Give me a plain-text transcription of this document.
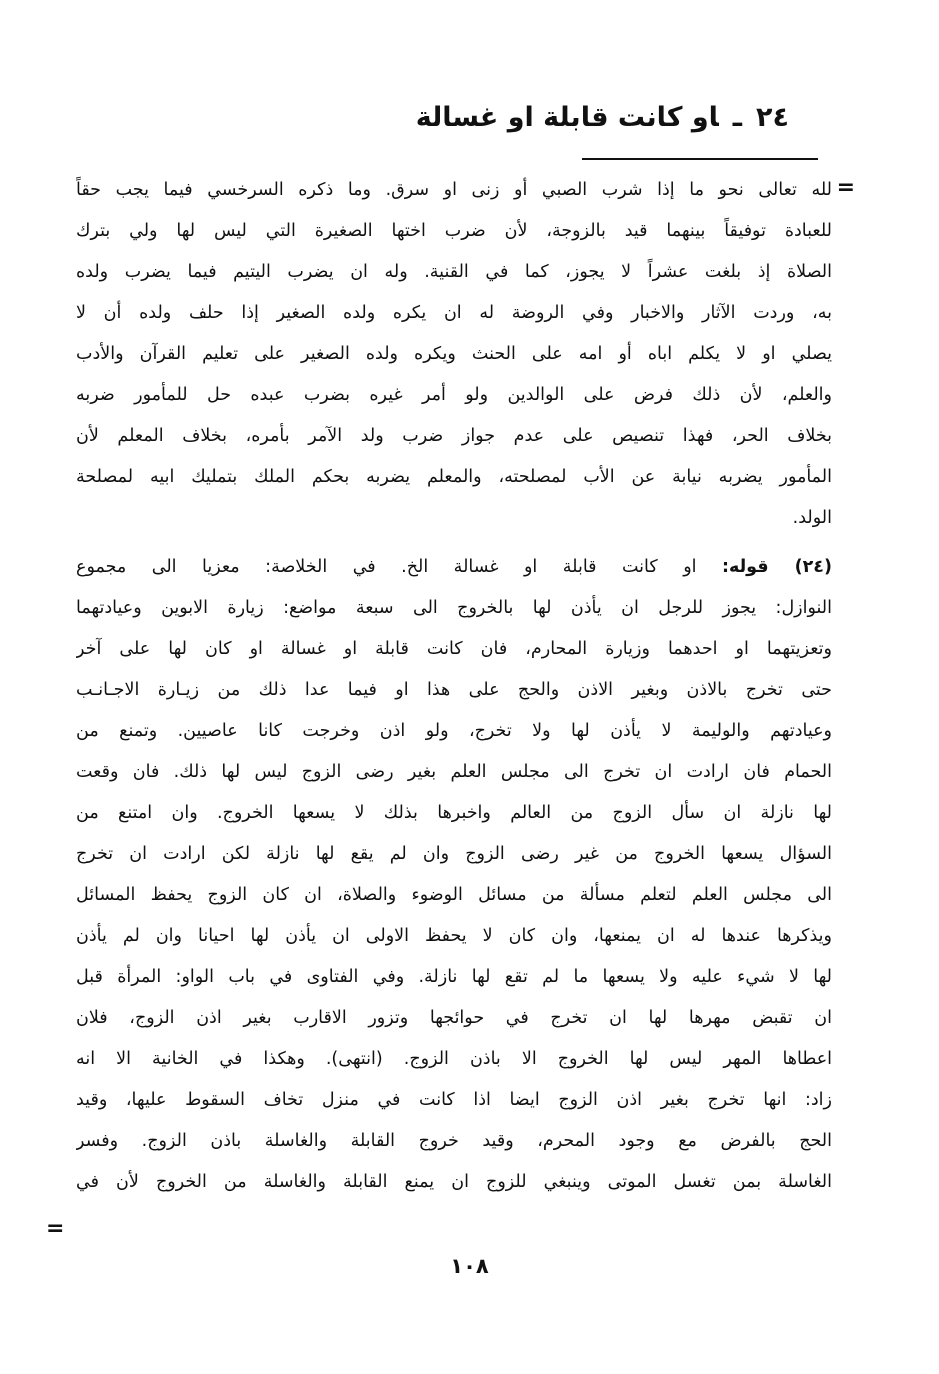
٢٤ـاو كانت قابلة او غسالة
=
لله تعالى نحو ما إذا شرب الصبي أو زنى او سرق. وما ذكره السرخسي فيما يجب حقاً
للعبادة توفيقاً بينهما قيد بالزوجة، لأن ضرب اختها الصغيرة التي ليس لها ولي بترك
الصلاة إذ بلغت عشراً لا يجوز، كما في القنية. وله ان يضرب اليتيم فيما يضرب ولده
به، وردت الآثار والاخبار وفي الروضة له ان يكره ولده الصغير إذا حلف ولده أن لا
يصلي او لا يكلم اباه أو امه على الحنث ويكره ولده الصغير على تعليم القرآن والأدب
والعلم، لأن ذلك فرض على الوالدين ولو أمر غيره بضرب عبده حل للمأمور ضربه
بخلاف الحر، فهذا تنصيص على عدم جواز ضرب ولد الآمر بأمره، بخلاف المعلم لأن
المأمور يضربه نيابة عن الأب لمصلحته، والمعلم يضربه بحكم الملك بتمليك ابيه لمصلحة
الولد.
(٢٤) قوله: او كانت قابلة او غسالة الخ. في الخلاصة: معزيا الى مجموع
النوازل: يجوز للرجل ان يأذن لها بالخروج الى سبعة مواضع: زيارة الابوين وعيادتهما
وتعزيتهما او احدهما وزيارة المحارم، فان كانت قابلة او غسالة او كان لها على آخر
حتى تخرج بالاذن وبغير الاذن والحج على هذا او فيما عدا ذلك من زيـارة الاجـانـب
وعيادتهم والوليمة لا يأذن لها ولا تخرج، ولو اذن وخرجت كانا عاصيين. وتمنع من
الحمام فان ارادت ان تخرج الى مجلس العلم بغير رضى الزوج ليس لها ذلك. فان وقعت
لها نازلة ان سأل الزوج من العالم واخبرها بذلك لا يسعها الخروج. وان امتنع من
السؤال يسعها الخروج من غير رضى الزوج وان لم يقع لها نازلة لكن ارادت ان تخرج
الى مجلس العلم لتعلم مسألة من مسائل الوضوء والصلاة، ان كان الزوج يحفظ المسائل
ويذكرها عندها له ان يمنعها، وان كان لا يحفظ الاولى ان يأذن لها احيانا وان لم يأذن
لها لا شيء عليه ولا يسعها ما لم تقع لها نازلة. وفي الفتاوى في باب الواو: المرأة قبل
ان تقبض مهرها لها ان تخرج في حوائجها وتزور الاقارب بغير اذن الزوج، فلان
اعطاها المهر ليس لها الخروج الا باذن الزوج. (انتهى). وهكذا في الخانية الا انه
زاد: انها تخرج بغير اذن الزوج ايضا اذا كانت في منزل تخاف السقوط عليها، وقيد
الحج بالفرض مع وجود المحرم، وقيد خروج القابلة والغاسلة باذن الزوج. وفسر
الغاسلة بمن تغسل الموتى وينبغي للزوج ان يمنع القابلة والغاسلة من الخروج لأن في
=
١٠٨
